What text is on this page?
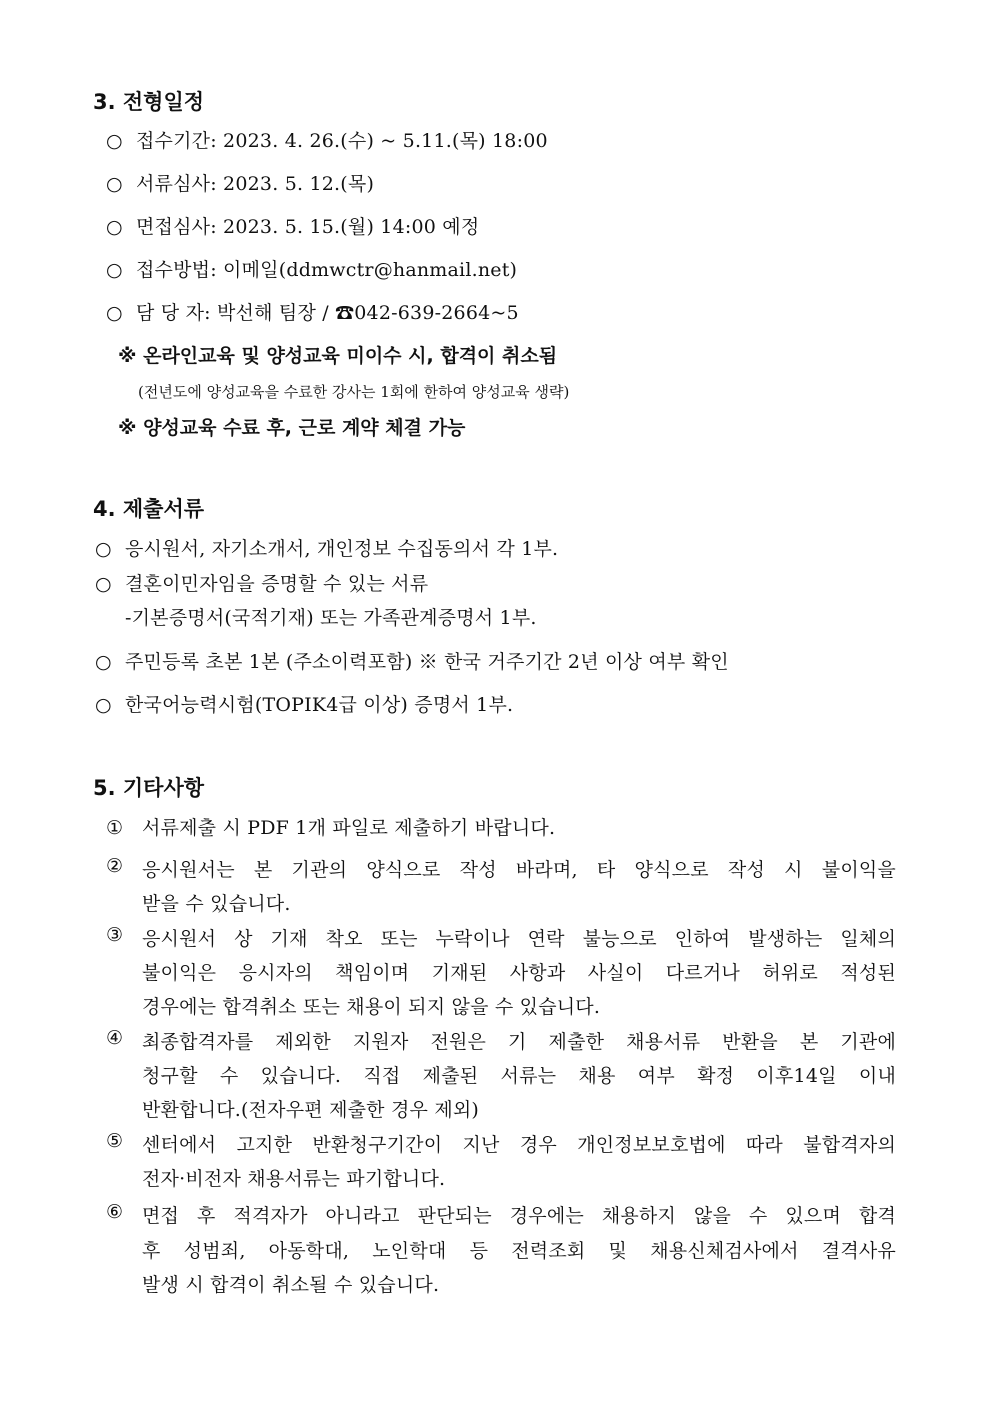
3. 전형일정
○ 접수기간: 2023. 4. 26.(수) ~ 5.11.(목) 18:00
○ 서류심사: 2023. 5. 12.(목)
○ 면접심사: 2023. 5. 15.(월) 14:00 예정
○ 접수방법: 이메일(ddmwctr@hanmail.net)
○ 담 당 자: 박선해 팀장 / ☎042-639-2664~5
※ 온라인교육 및 양성교육 미이수 시, 합격이 취소됨
(전년도에 양성교육을 수료한 강사는 1회에 한하여 양성교육 생략)
※ 양성교육 수료 후, 근로 계약 체결 가능
4. 제출서류
○ 응시원서, 자기소개서, 개인정보 수집동의서 각 1부.
○ 결혼이민자임을 증명할 수 있는 서류
-기본증명서(국적기재) 또는 가족관계증명서 1부.
○ 주민등록 초본 1본 (주소이력포함) ※ 한국 거주기간 2년 이상 여부 확인
○ 한국어능력시험(TOPIK4급 이상) 증명서 1부.
5. 기타사항
① 서류제출 시 PDF 1개 파일로 제출하기 바랍니다.
② 응시원서는 본 기관의 양식으로 작성 바라며, 타 양식으로 작성 시 불이익을
받을 수 있습니다.
③ 응시원서 상 기재 착오 또는 누락이나 연락 불능으로 인하여 발생하는 일체의
불이익은 응시자의 책임이며 기재된 사항과 사실이 다르거나 허위로 적성된
경우에는 합격취소 또는 채용이 되지 않을 수 있습니다.
④ 최종합격자를 제외한 지원자 전원은 기 제출한 채용서류 반환을 본 기관에
청구할 수 있습니다. 직접 제출된 서류는 채용 여부 확정 이후14일 이내
반환합니다.(전자우편 제출한 경우 제외)
⑤ 센터에서 고지한 반환청구기간이 지난 경우 개인정보보호법에 따라 불합격자의
전자·비전자 채용서류는 파기합니다.
⑥ 면접 후 적격자가 아니라고 판단되는 경우에는 채용하지 않을 수 있으며 합격
후 성범죄, 아동학대, 노인학대 등 전력조회 및 채용신체검사에서 결격사유
발생 시 합격이 취소될 수 있습니다.
